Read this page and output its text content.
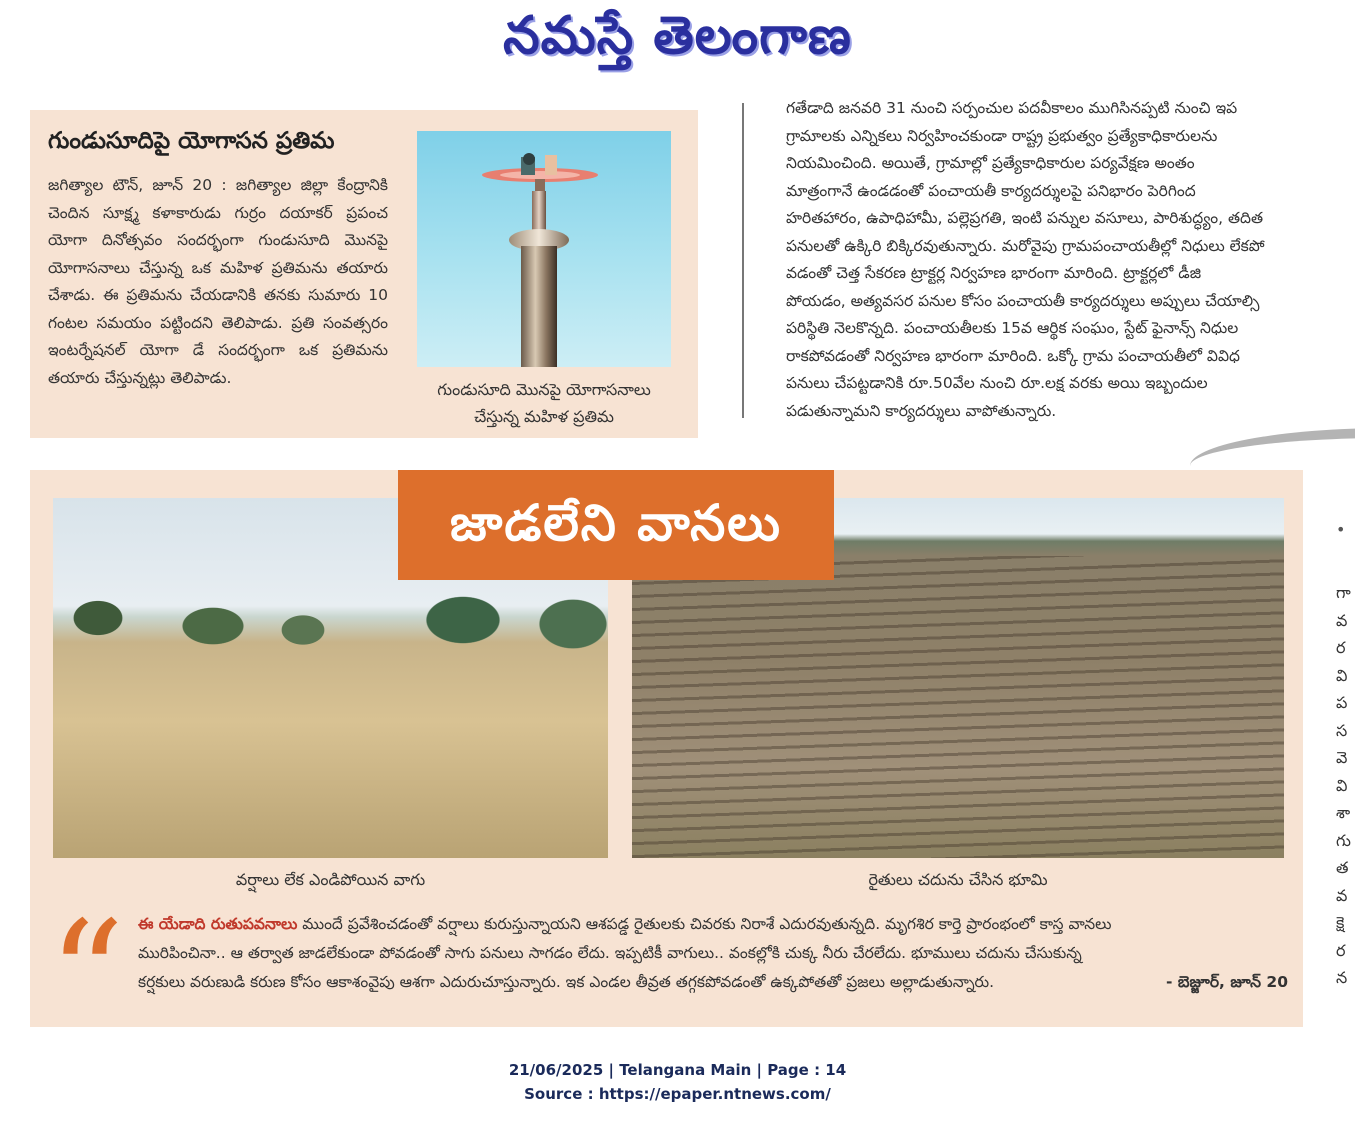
నమస్తే తెలంగాణ
గుండుసూదిపై యోగాసన ప్రతిమ
జగిత్యాల టౌన్, జూన్ 20 : జగిత్యాల జిల్లా కేంద్రానికి చెందిన సూక్ష్మ కళాకారుడు గుర్రం దయాకర్ ప్రపంచ యోగా దినోత్సవం సందర్భంగా గుండుసూది మొనపై యోగాసనాలు చేస్తున్న ఒక మహిళ ప్రతిమను తయారు చేశాడు. ఈ ప్రతిమను చేయడానికి తనకు సుమారు 10 గంటల సమయం పట్టిందని తెలిపాడు. ప్రతి సంవత్సరం ఇంటర్నేషనల్ యోగా డే సందర్భంగా ఒక ప్రతిమను తయారు చేస్తున్నట్లు తెలిపాడు.
గుండుసూది మొనపై యోగాసనాలు
చేస్తున్న మహిళ ప్రతిమ

గతేడాది జనవరి 31 నుంచి సర్పంచుల పదవీకాలం ముగిసినప్పటి నుంచి ఇప

గ్రామాలకు ఎన్నికలు నిర్వహించకుండా రాష్ట్ర ప్రభుత్వం ప్రత్యేకాధికారులను

నియమించింది. అయితే, గ్రామాల్లో ప్రత్యేకాధికారుల పర్యవేక్షణ అంతం

మాత్రంగానే ఉండడంతో పంచాయతీ కార్యదర్శులపై పనిభారం పెరిగింద

హరితహారం, ఉపాధిహామీ, పల్లెప్రగతి, ఇంటి పన్నుల వసూలు, పారిశుద్ధ్యం, తదిత

పనులతో ఉక్కిరి బిక్కిరవుతున్నారు. మరోవైపు గ్రామపంచాయతీల్లో నిధులు లేకపో

వడంతో చెత్త సేకరణ ట్రాక్టర్ల నిర్వహణ భారంగా మారింది. ట్రాక్టర్లలో డీజి

పోయడం, అత్యవసర పనుల కోసం పంచాయతీ కార్యదర్శులు అప్పులు చేయాల్సి

పరిస్థితి నెలకొన్నది. పంచాయతీలకు 15వ ఆర్థిక సంఘం, స్టేట్ ఫైనాన్స్ నిధుల

రాకపోవడంతో నిర్వహణ భారంగా మారింది. ఒక్కో గ్రామ పంచాయతీలో వివిధ

పనులు చేపట్టడానికి రూ.50వేల నుంచి రూ.లక్ష వరకు అయి ఇబ్బందుల

పడుతున్నామని కార్యదర్శులు వాపోతున్నారు.

జాడలేని వానలు
వర్షాలు లేక ఎండిపోయిన వాగు	రైతులు చదును చేసిన భూమి
“ ఈ యేడాది రుతుపవనాలు ముందే ప్రవేశించడంతో వర్షాలు కురుస్తున్నాయని ఆశపడ్డ రైతులకు చివరకు నిరాశే ఎదురవుతున్నది. మృగశిర కార్తె ప్రారంభంలో కాస్త వానలు
మురిపించినా.. ఆ తర్వాత జాడలేకుండా పోవడంతో సాగు పనులు సాగడం లేదు. ఇప్పటికీ వాగులు.. వంకల్లోకి చుక్క నీరు చేరలేదు. భూములు చదును చేసుకున్న
కర్షకులు వరుణుడి కరుణ కోసం ఆకాశంవైపు ఆశగా ఎదురుచూస్తున్నారు. ఇక ఎండల తీవ్రత తగ్గకపోవడంతో ఉక్కపోతతో ప్రజలు అల్లాడుతున్నారు.	- బెజ్జూర్, జూన్ 20
•
గా
వ
ర
వి
ప
స
వె
వి
శా
గు
త
వ
క్షె
ర
న
21/06/2025 | Telangana Main | Page : 14
Source : https://epaper.ntnews.com/
